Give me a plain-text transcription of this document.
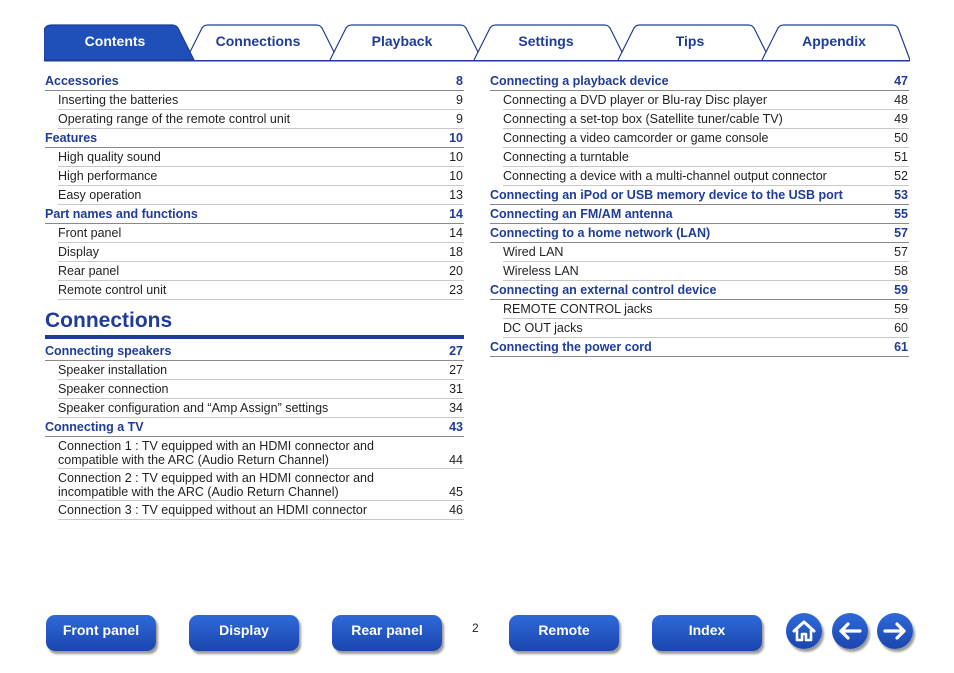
Contents	Connections	Playback	Settings	Tips	Appendix
Accessories	8
Inserting the batteries	9
Operating range of the remote control unit	9
Features	10
High quality sound	10
High performance	10
Easy operation	13
Part names and functions	14
Front panel	14
Display	18
Rear panel	20
Remote control unit	23
Connections
Connecting speakers	27
Speaker installation	27
Speaker connection	31
Speaker configuration and “Amp Assign” settings	34
Connecting a TV	43
Connection 1 : TV equipped with an HDMI connector and compatible with the ARC (Audio Return Channel)	44
Connection 2 : TV equipped with an HDMI connector and incompatible with the ARC (Audio Return Channel)	45
Connection 3 : TV equipped without an HDMI connector	46
Connecting a playback device	47
Connecting a DVD player or Blu-ray Disc player	48
Connecting a set-top box (Satellite tuner/cable TV)	49
Connecting a video camcorder or game console	50
Connecting a turntable	51
Connecting a device with a multi-channel output connector	52
Connecting an iPod or USB memory device to the USB port	53
Connecting an FM/AM antenna	55
Connecting to a home network (LAN)	57
Wired LAN	57
Wireless LAN	58
Connecting an external control device	59
REMOTE CONTROL jacks	59
DC OUT jacks	60
Connecting the power cord	61
Front panel	Display	Rear panel	2	Remote	Index
